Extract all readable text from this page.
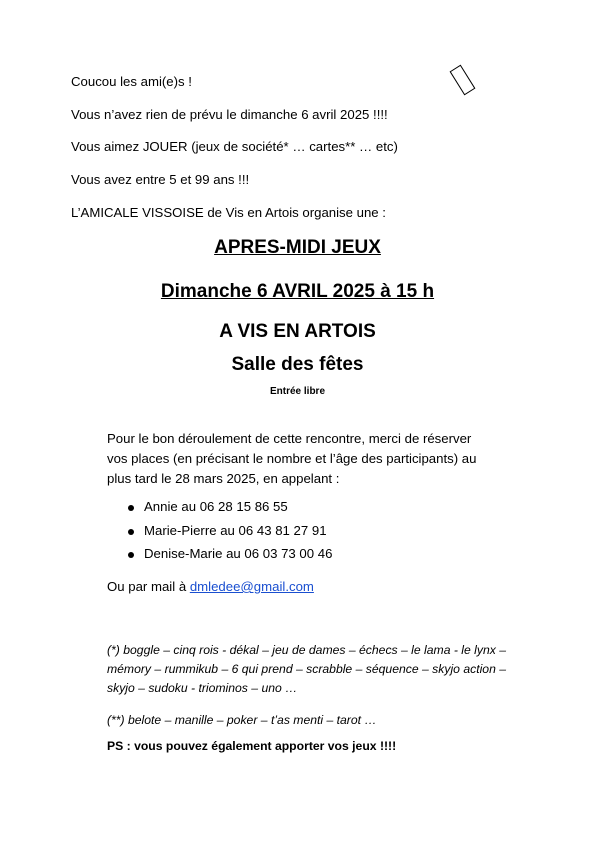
Coucou les ami(e)s !
Vous n’avez rien de prévu le dimanche 6 avril 2025 !!!!
Vous aimez JOUER (jeux de société* … cartes** … etc)
Vous avez entre 5 et 99 ans !!!
L’AMICALE VISSOISE de Vis en Artois organise une :
APRES-MIDI JEUX
Dimanche 6 AVRIL 2025 à 15 h
A VIS EN ARTOIS
Salle des fêtes
Entrée libre
Pour le bon déroulement de cette rencontre, merci de réserver
vos places (en précisant le nombre et l’âge des participants) au
plus tard le 28 mars 2025, en appelant :
Annie au 06 28 15 86 55
Marie-Pierre au 06 43 81 27 91
Denise-Marie au 06 03 73 00 46
Ou par mail à dmledee@gmail.com
(*) boggle – cinq rois - dékal – jeu de dames – échecs – le lama - le lynx –
mémory – rummikub – 6 qui prend – scrabble – séquence – skyjo action –
skyjo – sudoku - triominos – uno …
(**) belote – manille – poker – t’as menti – tarot …
PS : vous pouvez également apporter vos jeux !!!!
